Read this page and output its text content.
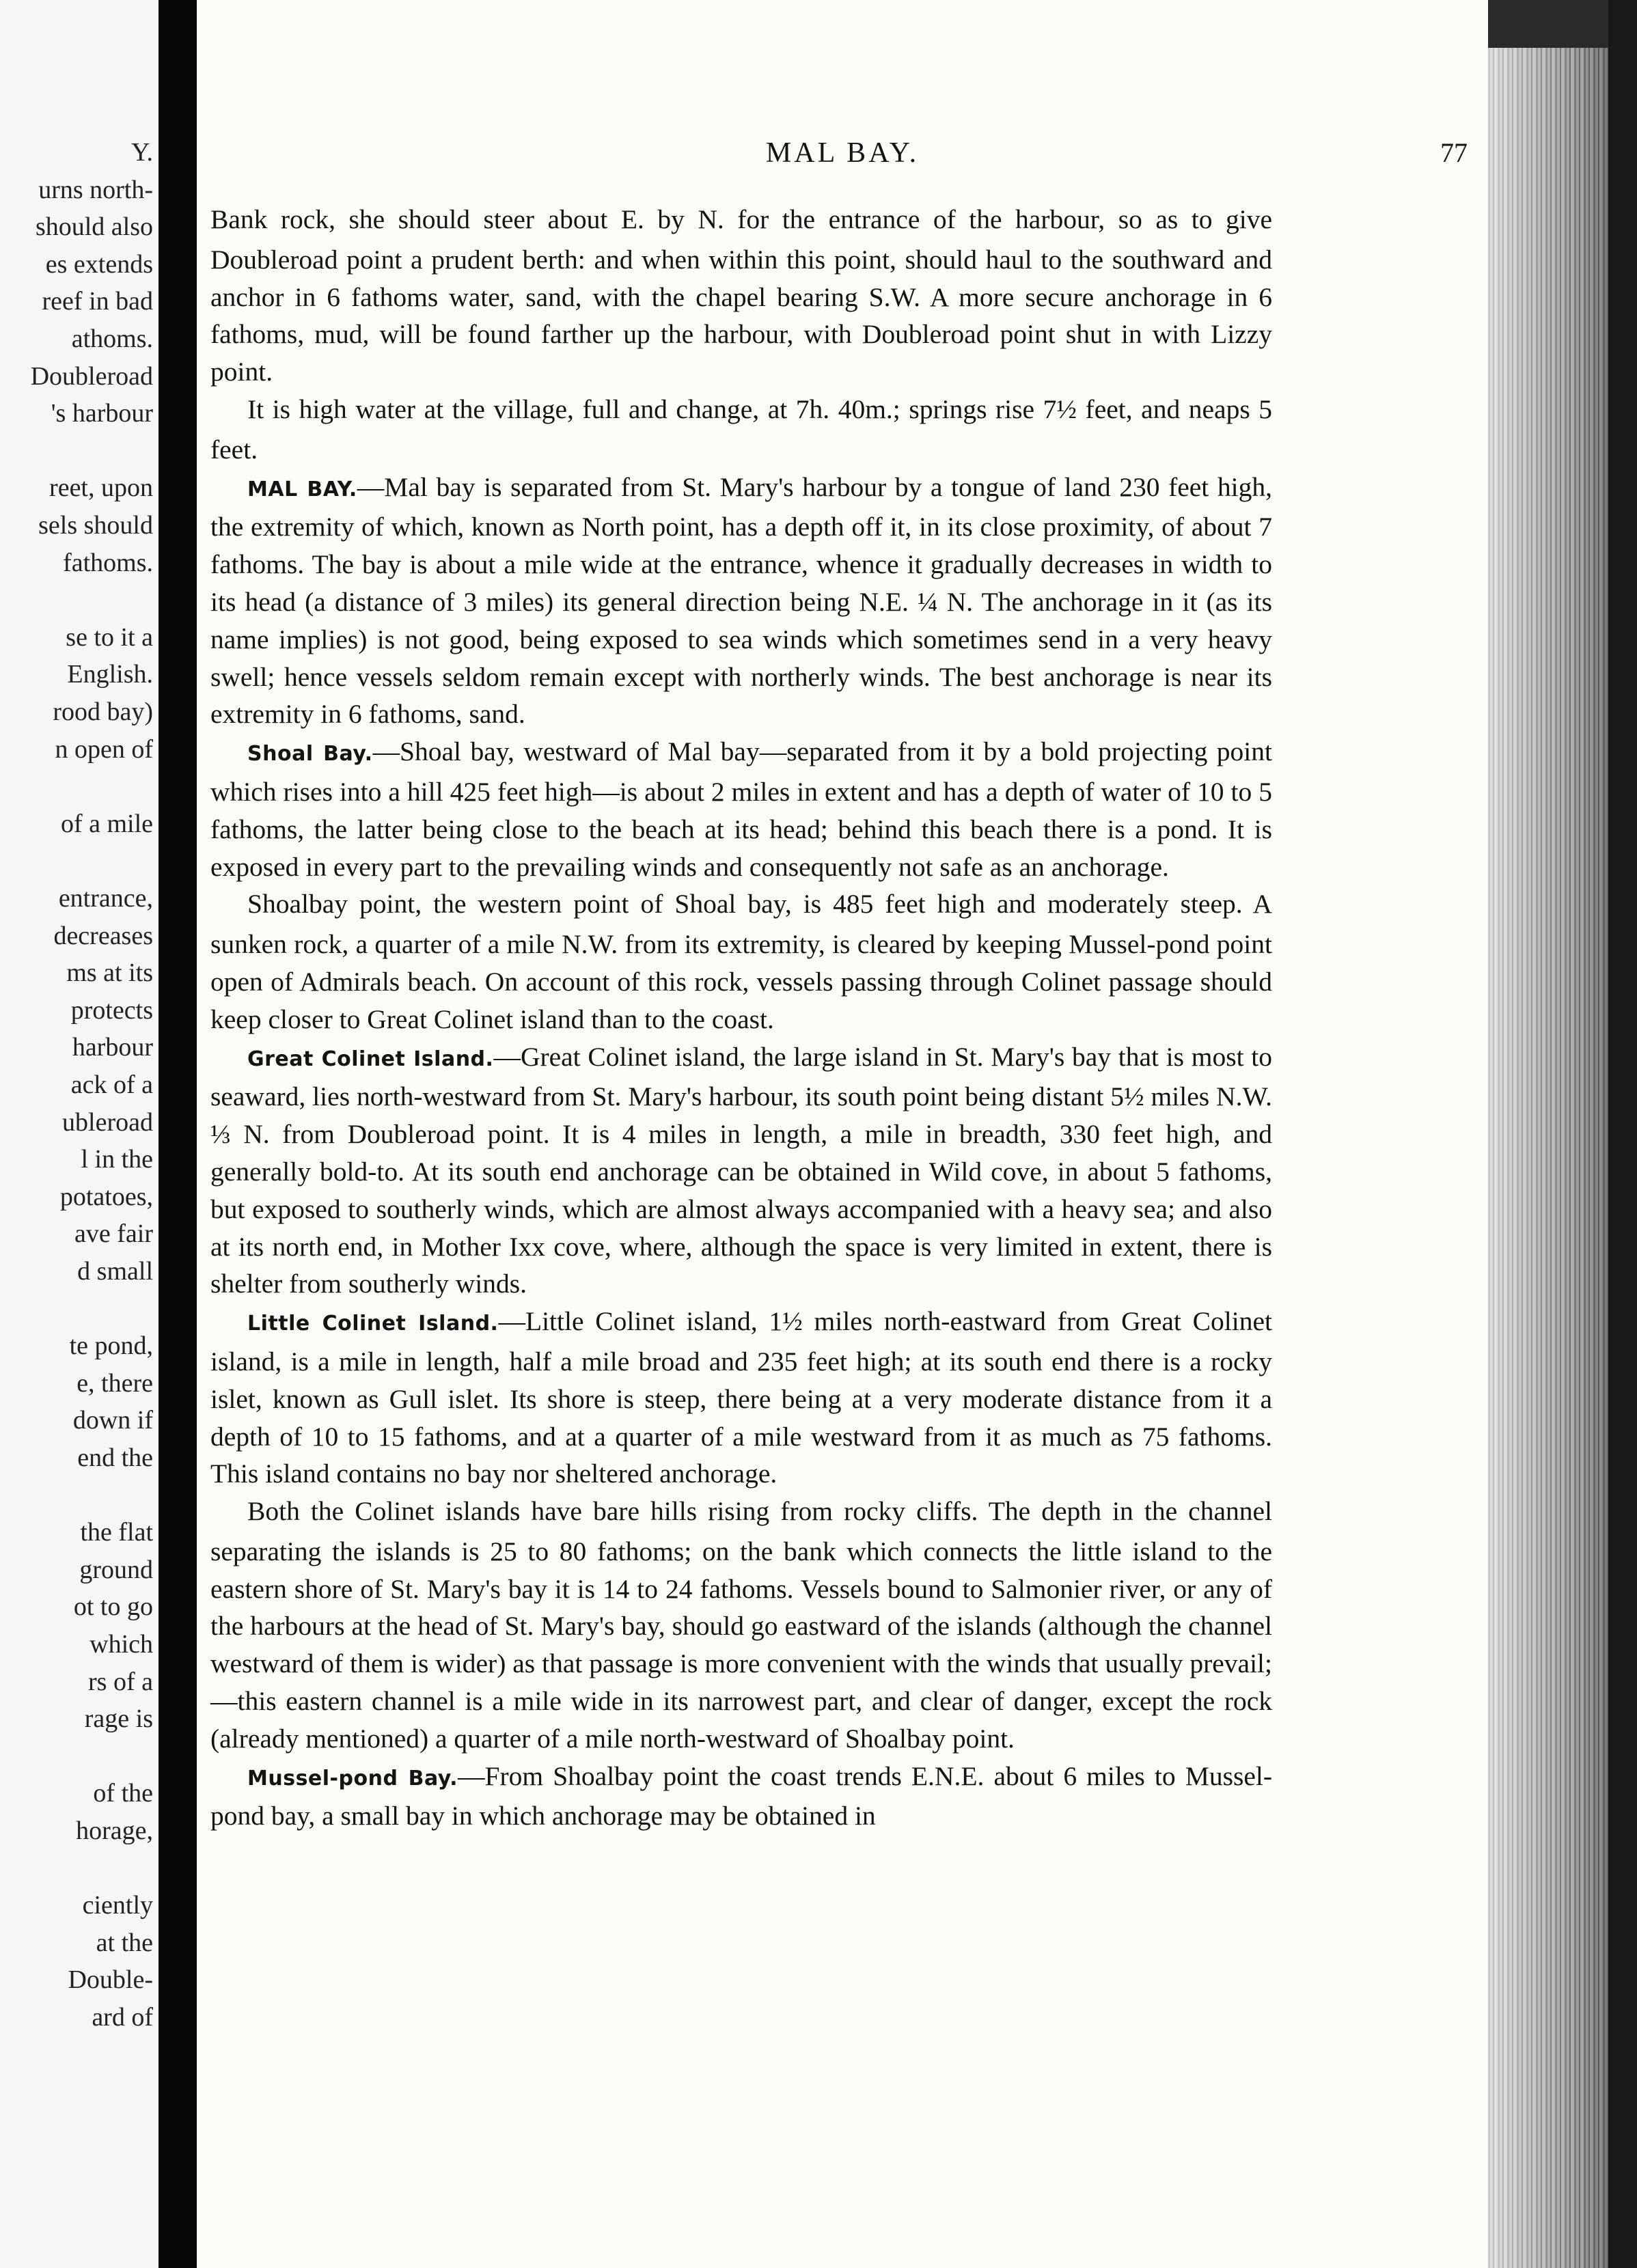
Y.
urns north-
should also
es extends
reef in bad
athoms.
Doubleroad
's harbour
reet, upon
sels should
fathoms.
se to it a
English.
rood bay)
n open of
of a mile
entrance,
decreases
ms at its
protects
harbour
ack of a
ubleroad
l in the
potatoes,
ave fair
d small
te pond,
e, there
down if
end the
the flat
ground
ot to go
which
rs of a
rage is
of the
horage,
ciently
at the
Double-
ard of
MAL BAY.	77

Bank rock, she should steer about E. by N. for the entrance of the harbour, so as to give Doubleroad point a prudent berth: and when within this point, should haul to the southward and anchor in 6 fathoms water, sand, with the chapel bearing S.W. A more secure anchorage in 6 fathoms, mud, will be found farther up the harbour, with Doubleroad point shut in with Lizzy point.

It is high water at the village, full and change, at 7h. 40m.; springs rise 7½ feet, and neaps 5 feet.

MAL BAY.—Mal bay is separated from St. Mary's harbour by a tongue of land 230 feet high, the extremity of which, known as North point, has a depth off it, in its close proximity, of about 7 fathoms. The bay is about a mile wide at the entrance, whence it gradually decreases in width to its head (a distance of 3 miles) its general direction being N.E. ¼ N. The anchorage in it (as its name implies) is not good, being exposed to sea winds which sometimes send in a very heavy swell; hence vessels seldom remain except with northerly winds. The best anchorage is near its extremity in 6 fathoms, sand.

Shoal Bay.—Shoal bay, westward of Mal bay—separated from it by a bold projecting point which rises into a hill 425 feet high—is about 2 miles in extent and has a depth of water of 10 to 5 fathoms, the latter being close to the beach at its head; behind this beach there is a pond. It is exposed in every part to the prevailing winds and consequently not safe as an anchorage.

Shoalbay point, the western point of Shoal bay, is 485 feet high and moderately steep. A sunken rock, a quarter of a mile N.W. from its extremity, is cleared by keeping Mussel-pond point open of Admirals beach. On account of this rock, vessels passing through Colinet passage should keep closer to Great Colinet island than to the coast.

Great Colinet Island.—Great Colinet island, the large island in St. Mary's bay that is most to seaward, lies north-westward from St. Mary's harbour, its south point being distant 5½ miles N.W. ⅓ N. from Doubleroad point. It is 4 miles in length, a mile in breadth, 330 feet high, and generally bold-to. At its south end anchorage can be obtained in Wild cove, in about 5 fathoms, but exposed to southerly winds, which are almost always accompanied with a heavy sea; and also at its north end, in Mother Ixx cove, where, although the space is very limited in extent, there is shelter from southerly winds.

Little Colinet Island.—Little Colinet island, 1½ miles north-eastward from Great Colinet island, is a mile in length, half a mile broad and 235 feet high; at its south end there is a rocky islet, known as Gull islet. Its shore is steep, there being at a very moderate distance from it a depth of 10 to 15 fathoms, and at a quarter of a mile westward from it as much as 75 fathoms. This island contains no bay nor sheltered anchorage.

Both the Colinet islands have bare hills rising from rocky cliffs. The depth in the channel separating the islands is 25 to 80 fathoms; on the bank which connects the little island to the eastern shore of St. Mary's bay it is 14 to 24 fathoms. Vessels bound to Salmonier river, or any of the harbours at the head of St. Mary's bay, should go eastward of the islands (although the channel westward of them is wider) as that passage is more convenient with the winds that usually prevail;—this eastern channel is a mile wide in its narrowest part, and clear of danger, except the rock (already mentioned) a quarter of a mile north-westward of Shoalbay point.

Mussel-pond Bay.—From Shoalbay point the coast trends E.N.E. about 6 miles to Mussel-pond bay, a small bay in which anchorage may be obtained in
